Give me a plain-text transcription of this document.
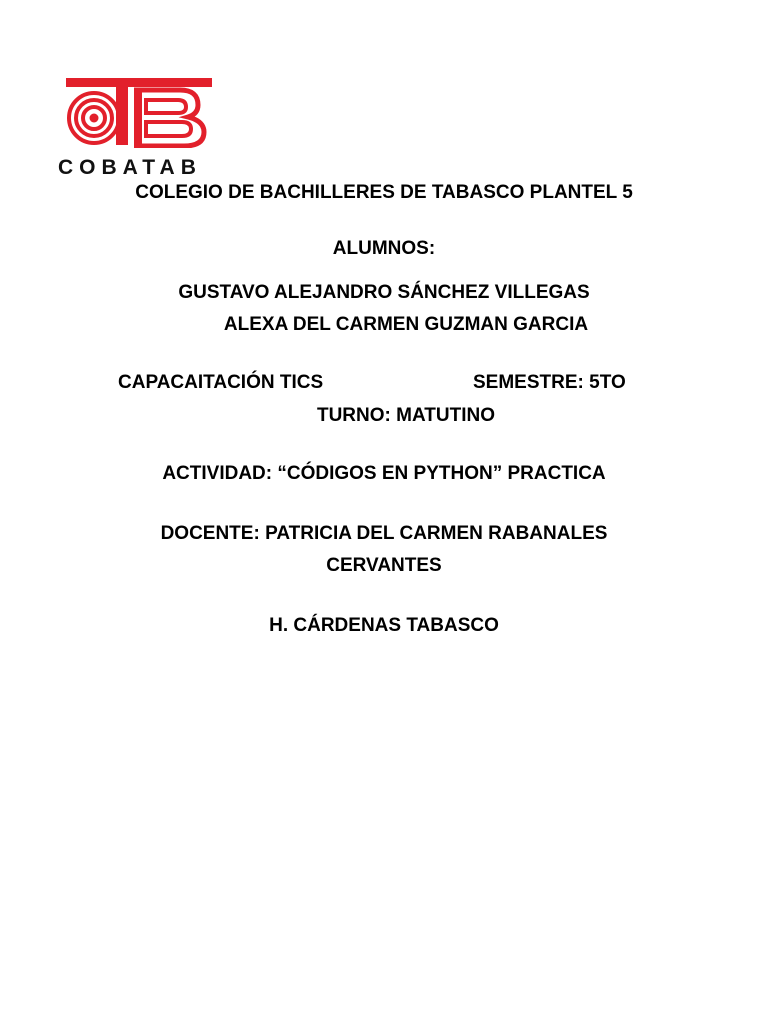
COBATAB
COLEGIO DE BACHILLERES DE TABASCO PLANTEL 5
ALUMNOS:
GUSTAVO ALEJANDRO SÁNCHEZ VILLEGAS
ALEXA DEL CARMEN GUZMAN GARCIA
CAPACAITACIÓN TICS	SEMESTRE: 5TO
TURNO: MATUTINO
ACTIVIDAD: “CÓDIGOS EN PYTHON” PRACTICA
DOCENTE: PATRICIA DEL CARMEN RABANALES
CERVANTES
H. CÁRDENAS TABASCO
